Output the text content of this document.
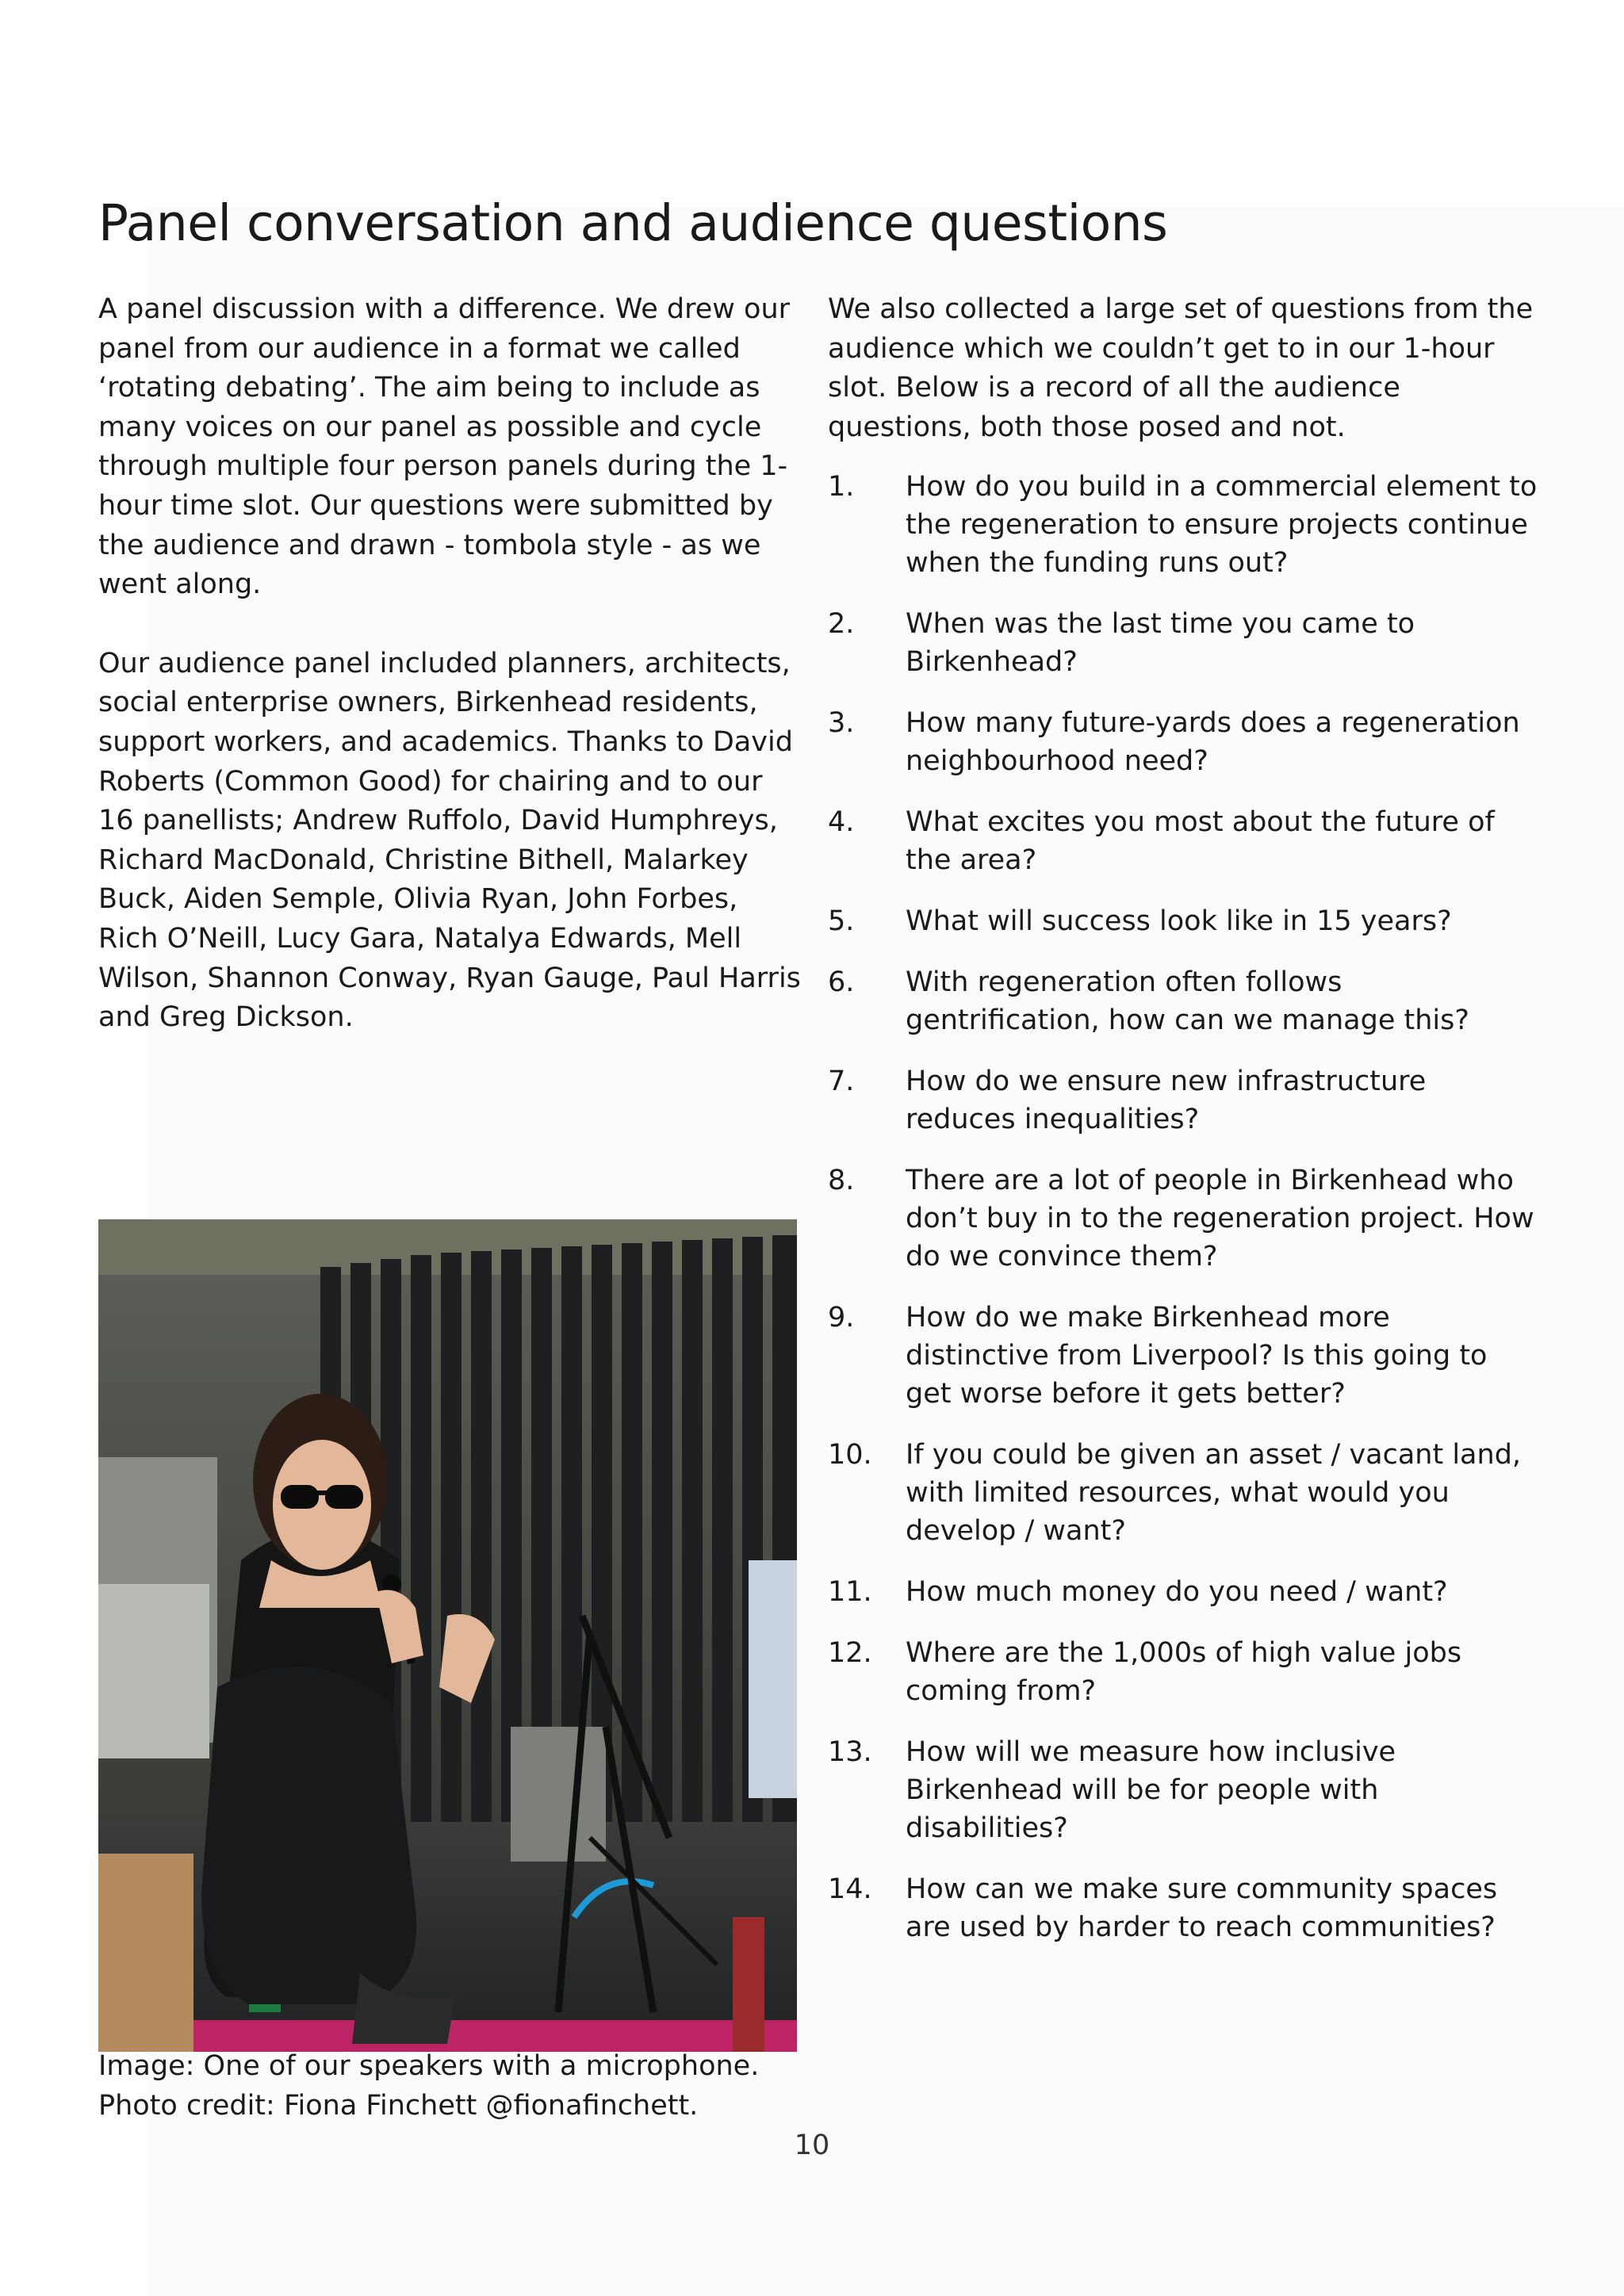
Panel conversation and audience questions

A panel discussion with a difference. We drew our panel from our audience in a format we called ‘rotating debating’. The aim being to include as many voices on our panel as possible and cycle through multiple four person panels during the 1-hour time slot. Our questions were submitted by the audience and drawn - tombola style - as we went along.

Our audience panel included planners, architects, social enterprise owners, Birkenhead residents, support workers, and academics. Thanks to David Roberts (Common Good) for chairing and to our 16 panellists; Andrew Ruffolo, David Humphreys, Richard MacDonald, Christine Bithell, Malarkey Buck, Aiden Semple, Olivia Ryan, John Forbes, Rich O’Neill, Lucy Gara, Natalya Edwards, Mell Wilson, Shannon Conway, Ryan Gauge, Paul Harris and Greg Dickson.

Image: One of our speakers with a microphone. Photo credit: Fiona Finchett @fionafinchett.

We also collected a large set of questions from the audience which we couldn’t get to in our 1-hour slot. Below is a record of all the audience questions, both those posed and not.

1.	How do you build in a commercial element to the regeneration to ensure projects continue when the funding runs out?
2.	When was the last time you came to Birkenhead?
3.	How many future-yards does a regeneration neighbourhood need?
4.	What excites you most about the future of the area?
5.	What will success look like in 15 years?
6.	With regeneration often follows gentrification, how can we manage this?
7.	How do we ensure new infrastructure reduces inequalities?
8.	There are a lot of people in Birkenhead who don’t buy in to the regeneration project. How do we convince them?
9.	How do we make Birkenhead more distinctive from Liverpool? Is this going to get worse before it gets better?
10.	If you could be given an asset / vacant land, with limited resources, what would you develop / want?
11.	How much money do you need / want?
12.	Where are the 1,000s of high value jobs coming from?
13.	How will we measure how inclusive Birkenhead will be for people with disabilities?
14.	How can we make sure community spaces are used by harder to reach communities?
10
